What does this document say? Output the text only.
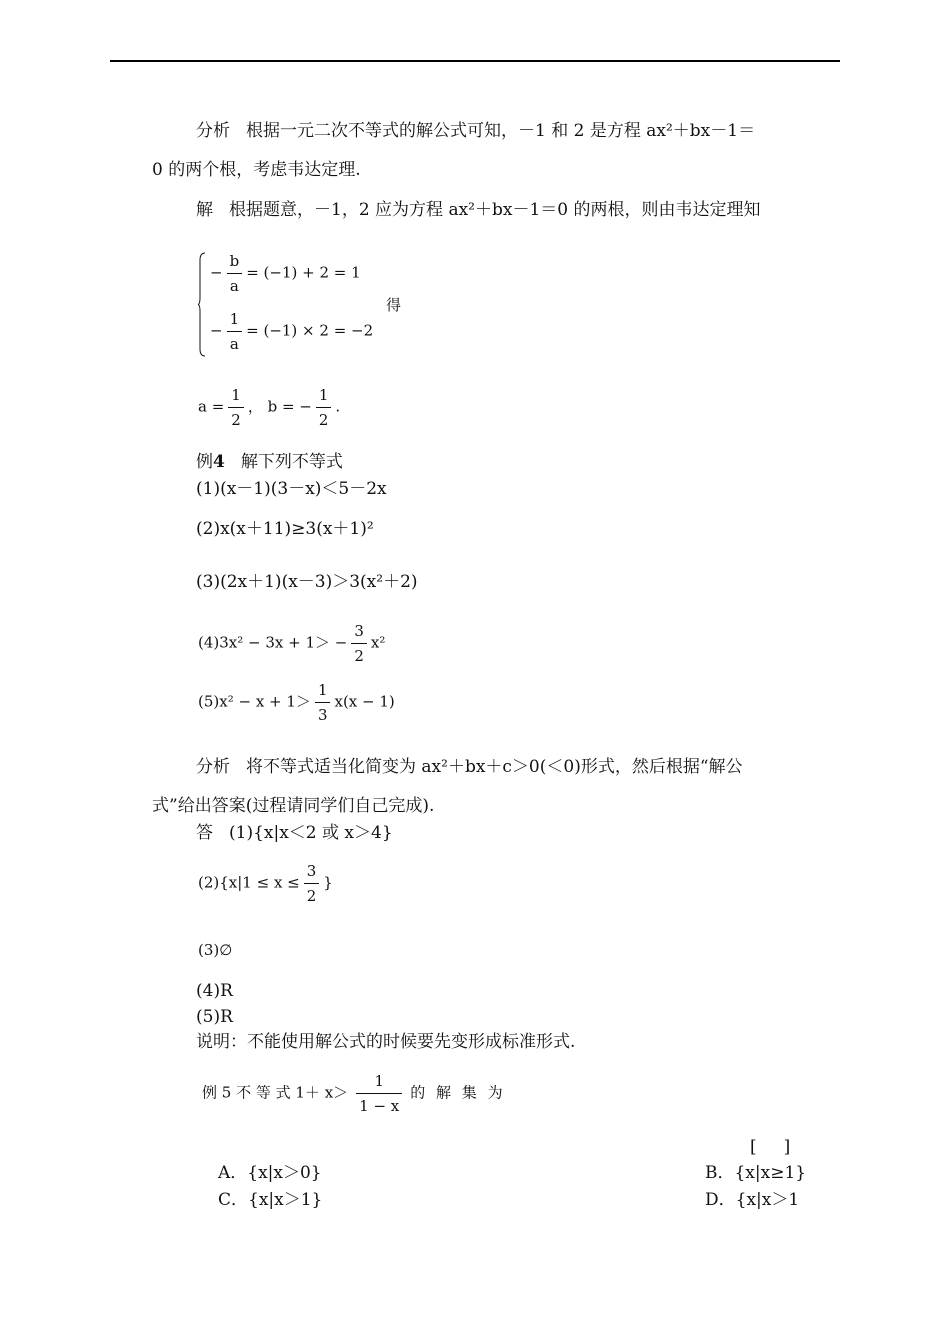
分析 根据一元二次不等式的解公式可知，－1 和 2 是方程 ax²＋bx－1＝
0 的两个根，考虑韦达定理.
解 根据题意，－1，2 应为方程 ax²＋bx－1＝0 的两根，则由韦达定理知
− $\frac{b}{a} = (-1) + 2 = 1$
得
− $\frac{1}{a} = (-1) \times 2 = -2$
$a = \frac{1}{2}$ ， b = − $\frac{1}{2}$ .
例4 解下列不等式
(1)(x－1)(3－x)＜5－2x
(2)x(x＋11)≥3(x＋1)²
(3)(2x＋1)(x－3)＞3(x²＋2)
$(4)3x^2 - 3x + 1> - \frac{3}{2} x^2$
$(5)x^2 - x + 1> \frac{1}{3} x(x - 1)$
分析 将不等式适当化简变为 ax²＋bx＋c＞0(＜0)形式，然后根据“解公
式”给出答案(过程请同学们自己完成).
答 (1){x|x＜2 或 x＞4}
$(2)\{x|1 \le x \le \frac{3}{2}$ }
(3)∅
(4)R
(5)R
说明：不能使用解公式的时候要先变形成标准形式.
例 5 不 等 式 $1+ x> \frac{1}{1 - x}$ 的 解 集 为
[     ]
A．{x|x＞0}	B．{x|x≥1}
C．{x|x＞1}	D．{x|x＞1
